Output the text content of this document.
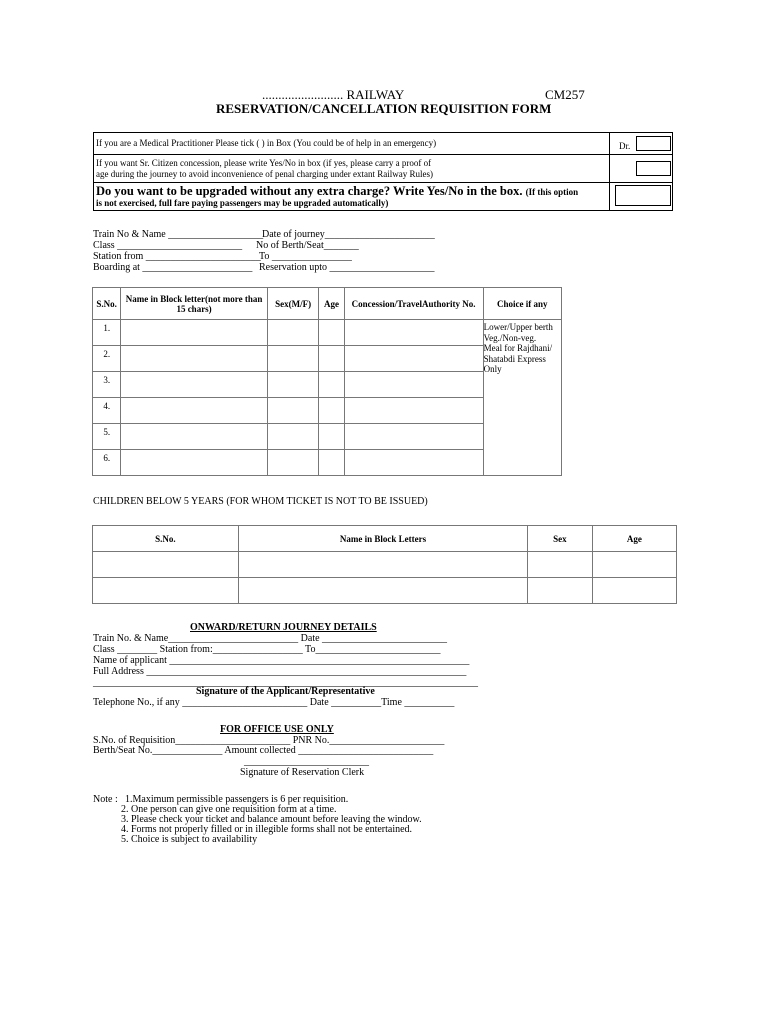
......................... RAILWAY	CM257
RESERVATION/CANCELLATION REQUISITION FORM
If you are a Medical Practitioner Please tick ( ) in Box (You could be of help in an emergency)	Dr.
If you want Sr. Citizen concession, please write Yes/No in box (if yes, please carry a proof of
age during the journey to avoid inconvenience of penal charging under extant Railway Rules)
Do you want to be upgraded without any extra charge? Write Yes/No in the box. (If this option
is not exercised, full fare paying passengers may be upgraded automatically)
Train No & Name ___________________
Date of journey______________________
Class _________________________ No of Berth/Seat_______
Station from _______________________
To ________________
Boarding at ______________________ Reservation upto _____________________
S.No.	Name in Block letter(not more than 15 chars)	Sex(M/F)	Age	Concession/TravelAuthority No.	Choice if any
1.					Lower/Upper berth
Veg./Non-veg.
Meal for Rajdhani/
Shatabdi Express
Only

2.					
3.					
4.					
5.					
6.					
CHILDREN BELOW 5 YEARS (FOR WHOM TICKET IS NOT TO BE ISSUED)
S.No.	Name in Block Letters	Sex	Age

ONWARD/RETURN JOURNEY DETAILS
Train No. & Name__________________________ Date _________________________
Class ________ Station from:__________________ To_________________________
Name of applicant ____________________________________________________________
Full Address ________________________________________________________________
_____________________________________________________________________________
Signature of the Applicant/Representative
Telephone No., if any _________________________ Date __________Time __________
FOR OFFICE USE ONLY
S.No. of Requisition_______________________ PNR No._______________________
Berth/Seat No.______________ Amount collected ___________________________
_________________________
Signature of Reservation Clerk
Note : 1.Maximum permissible passengers is 6 per requisition.
2. One person can give one requisition form at a time.
3. Please check your ticket and balance amount before leaving the window.
4. Forms not properly filled or in illegible forms shall not be entertained.
5. Choice is subject to availability
